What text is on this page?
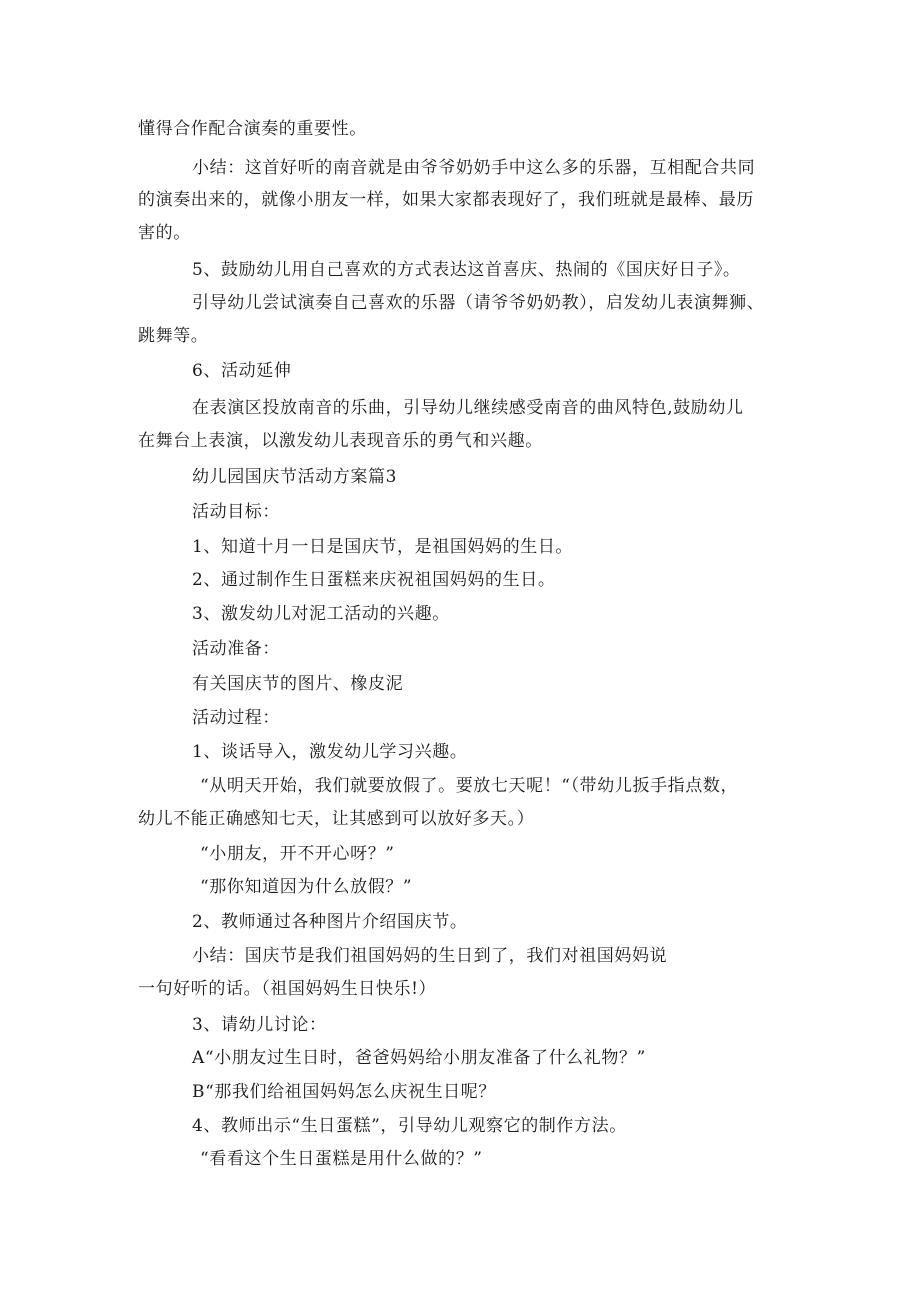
懂得合作配合演奏的重要性。
小结：这首好听的南音就是由爷爷奶奶手中这么多的乐器，互相配合共同
的演奏出来的，就像小朋友一样，如果大家都表现好了，我们班就是最棒、最历
害的。
5、鼓励幼儿用自己喜欢的方式表达这首喜庆、热闹的《国庆好日子》。
引导幼儿尝试演奏自己喜欢的乐器（请爷爷奶奶教），启发幼儿表演舞狮、
跳舞等。
6、活动延伸
在表演区投放南音的乐曲，引导幼儿继续感受南音的曲风特色,鼓励幼儿
在舞台上表演，以激发幼儿表现音乐的勇气和兴趣。
幼儿园国庆节活动方案篇3
活动目标：
1、知道十月一日是国庆节，是祖国妈妈的生日。
2、通过制作生日蛋糕来庆祝祖国妈妈的生日。
3、激发幼儿对泥工活动的兴趣。
活动准备：
有关国庆节的图片、橡皮泥
活动过程：
1、谈话导入，激发幼儿学习兴趣。
“从明天开始，我们就要放假了。要放七天呢！“（带幼儿扳手指点数，
幼儿不能正确感知七天，让其感到可以放好多天。）
“小朋友，开不开心呀？”
“那你知道因为什么放假？”
2、教师通过各种图片介绍国庆节。
小结：国庆节是我们祖国妈妈的生日到了，我们对祖国妈妈说
一句好听的话。（祖国妈妈生日快乐!）
3、请幼儿讨论：
A“小朋友过生日时，爸爸妈妈给小朋友准备了什么礼物？”
B“那我们给祖国妈妈怎么庆祝生日呢？
4、教师出示“生日蛋糕”，引导幼儿观察它的制作方法。
“看看这个生日蛋糕是用什么做的？”
